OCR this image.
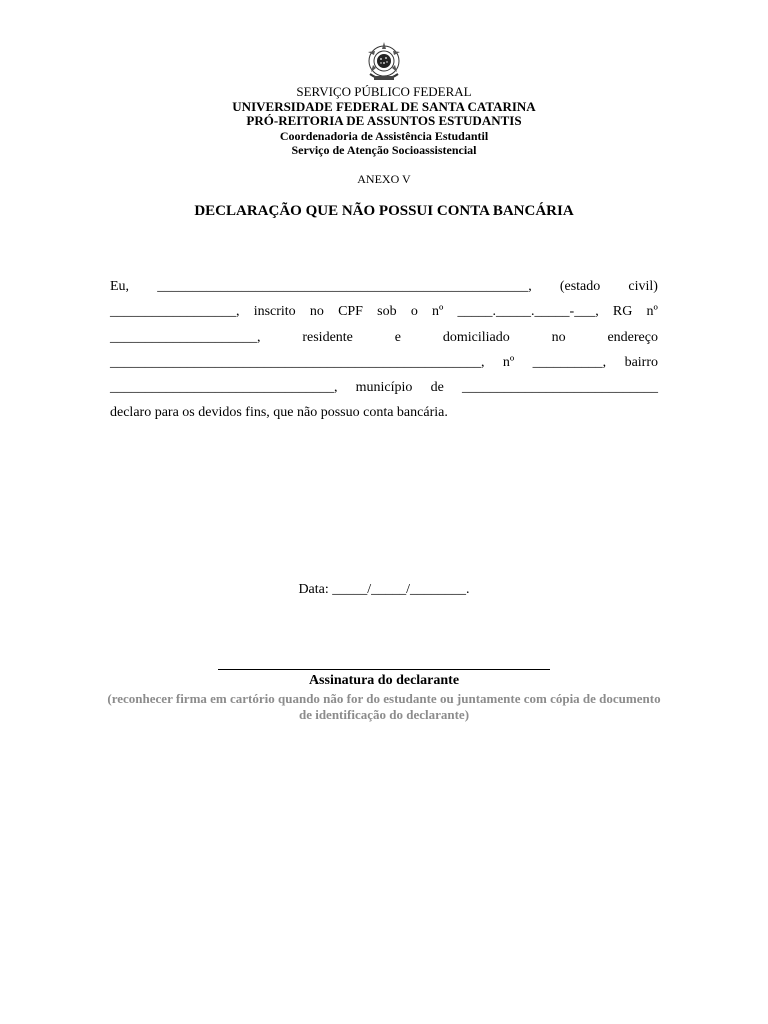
SERVIÇO PÚBLICO FEDERAL
UNIVERSIDADE FEDERAL DE SANTA CATARINA
PRÓ-REITORIA DE ASSUNTOS ESTUDANTIS
Coordenadoria de Assistência Estudantil
Serviço de Atenção Socioassistencial
ANEXO V
DECLARAÇÃO QUE NÃO POSSUI CONTA BANCÁRIA
Eu, _____________________________________________________, (estado civil)
__________________, inscrito no CPF sob o nº _____._____._____-___, RG nº
_____________________,	residente	e	domiciliado	no	endereço
_____________________________________________________, nº __________, bairro
________________________________, município de ____________________________
declaro para os devidos fins, que não possuo conta bancária.
Data: _____/_____/________.
Assinatura do declarante
(reconhecer firma em cartório quando não for do estudante ou juntamente com cópia de documento de identificação do declarante)
